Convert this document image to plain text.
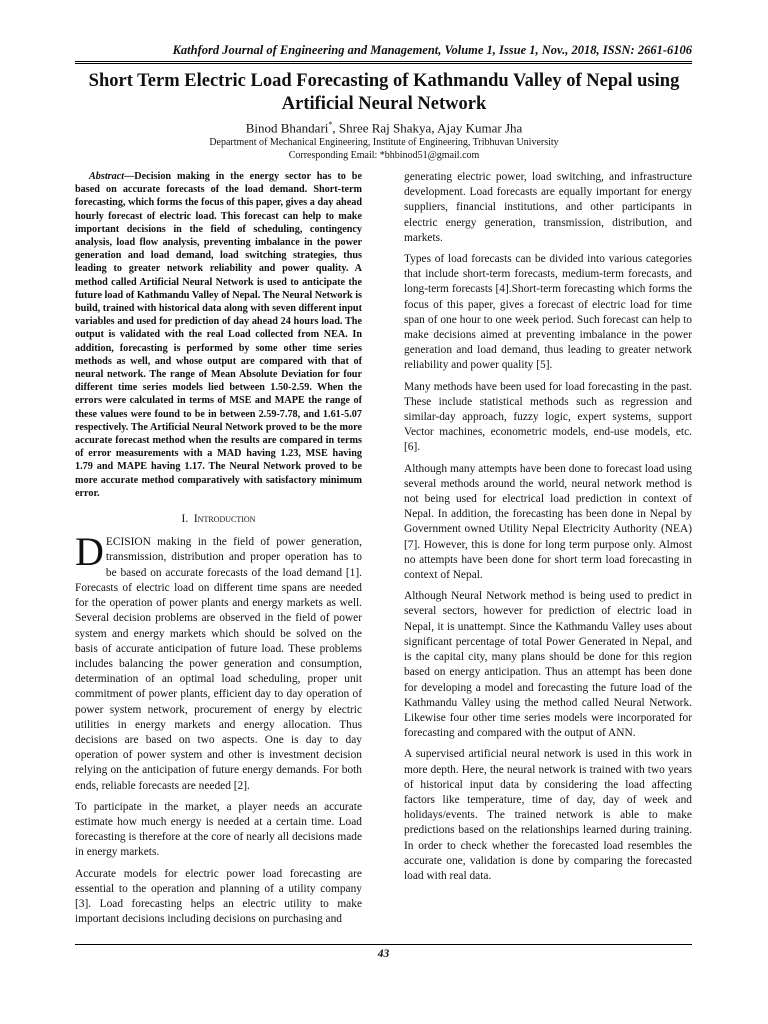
Kathford Journal of Engineering and Management, Volume 1, Issue 1, Nov., 2018, ISSN: 2661-6106
Short Term Electric Load Forecasting of Kathmandu Valley of Nepal using Artificial Neural Network
Binod Bhandari*, Shree Raj Shakya, Ajay Kumar Jha
Department of Mechanical Engineering, Institute of Engineering, Tribhuvan University
Corresponding Email: *bhbinod51@gmail.com

Abstract—Decision making in the energy sector has to be based on accurate forecasts of the load demand. Short-term forecasting, which forms the focus of this paper, gives a day ahead hourly forecast of electric load. This forecast can help to make important decisions in the field of scheduling, contingency analysis, load flow analysis, preventing imbalance in the power generation and load demand, load switching strategies, thus leading to greater network reliability and power quality. A method called Artificial Neural Network is used to anticipate the future load of Kathmandu Valley of Nepal. The Neural Network is build, trained with historical data along with seven different input variables and used for prediction of day ahead 24 hours load. The output is validated with the real Load collected from NEA. In addition, forecasting is performed by some other time series methods as well, and whose output are compared with that of neural network. The range of Mean Absolute Deviation for four different time series models lied between 1.50-2.59. When the errors were calculated in terms of MSE and MAPE the range of these values were found to be in between 2.59-7.78, and 1.61-5.07 respectively. The Artificial Neural Network proved to be the more accurate forecast method when the results are compared in terms of error measurements with a MAD having 1.23, MSE having 1.79 and MAPE having 1.17. The Neural Network proved to be more accurate method comparatively with satisfactory minimum error.

I. Introduction

DECISION making in the field of power generation, transmission, distribution and proper operation has to be based on accurate forecasts of the load demand [1]. Forecasts of electric load on different time spans are needed for the operation of power plants and energy markets as well. Several decision problems are observed in the field of power system and energy markets which should be solved on the basis of accurate anticipation of future load. These problems includes balancing the power generation and consumption, determination of an optimal load scheduling, proper unit commitment of power plants, efficient day to day operation of power system network, procurement of energy by electric utilities in energy markets and energy allocation. Thus decisions are based on two aspects. One is day to day operation of power system and other is investment decision relying on the anticipation of future energy demands. For both ends, reliable forecasts are needed [2].

To participate in the market, a player needs an accurate estimate how much energy is needed at a certain time. Load forecasting is therefore at the core of nearly all decisions made in energy markets.

Accurate models for electric power load forecasting are essential to the operation and planning of a utility company [3]. Load forecasting helps an electric utility to make important decisions including decisions on purchasing and

generating electric power, load switching, and infrastructure development. Load forecasts are equally important for energy suppliers, financial institutions, and other participants in electric energy generation, transmission, distribution, and markets.

Types of load forecasts can be divided into various categories that include short-term forecasts, medium-term forecasts, and long-term forecasts [4].Short-term forecasting which forms the focus of this paper, gives a forecast of electric load for time span of one hour to one week period. Such forecast can help to make decisions aimed at preventing imbalance in the power generation and load demand, thus leading to greater network reliability and power quality [5].

Many methods have been used for load forecasting in the past. These include statistical methods such as regression and similar-day approach, fuzzy logic, expert systems, support Vector machines, econometric models, end-use models, etc. [6].

Although many attempts have been done to forecast load using several methods around the world, neural network method is not being used for electrical load prediction in context of Nepal. In addition, the forecasting has been done in Nepal by Government owned Utility Nepal Electricity Authority (NEA) [7]. However, this is done for long term purpose only. Almost no attempts have been done for short term load forecasting in context of Nepal.

Although Neural Network method is being used to predict in several sectors, however for prediction of electric load in Nepal, it is unattempt. Since the Kathmandu Valley uses about significant percentage of total Power Generated in Nepal, and is the capital city, many plans should be done for this region based on energy anticipation. Thus an attempt has been done for developing a model and forecasting the future load of the Kathmandu Valley using the method called Neural Network. Likewise four other time series models were incorporated for forecasting and compared with the output of ANN.

A supervised artificial neural network is used in this work in more depth. Here, the neural network is trained with two years of historical input data by considering the load affecting factors like temperature, time of day, day of week and holidays/events. The trained network is able to make predictions based on the relationships learned during training. In order to check whether the forecasted load resembles the accurate one, validation is done by comparing the forecasted load with real data.

43
